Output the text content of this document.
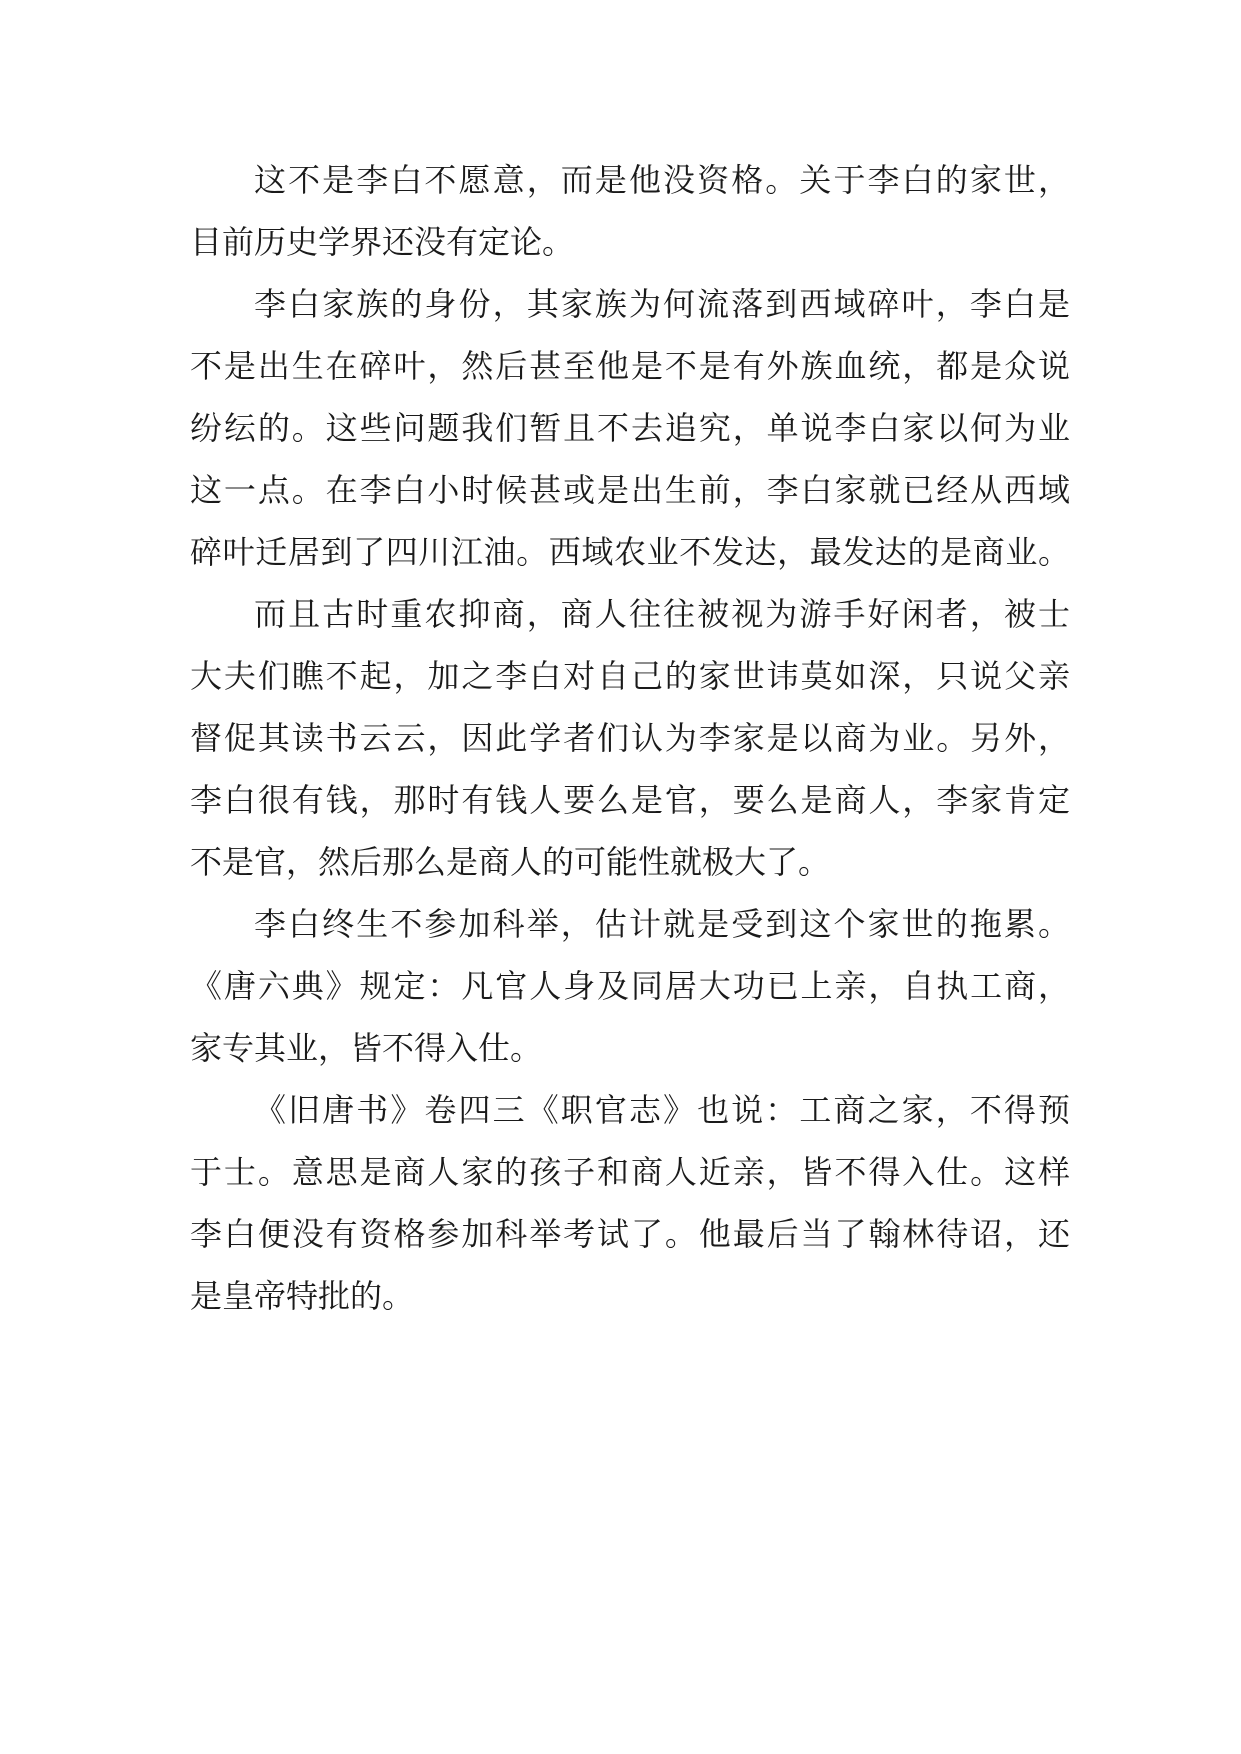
这不是李白不愿意，而是他没资格。关于李白的家世，
目前历史学界还没有定论。
李白家族的身份，其家族为何流落到西域碎叶，李白是
不是出生在碎叶，然后甚至他是不是有外族血统，都是众说
纷纭的。这些问题我们暂且不去追究，单说李白家以何为业
这一点。在李白小时候甚或是出生前，李白家就已经从西域
碎叶迁居到了四川江油。西域农业不发达，最发达的是商业。
而且古时重农抑商，商人往往被视为游手好闲者，被士
大夫们瞧不起，加之李白对自己的家世讳莫如深，只说父亲
督促其读书云云，因此学者们认为李家是以商为业。另外，
李白很有钱，那时有钱人要么是官，要么是商人，李家肯定
不是官，然后那么是商人的可能性就极大了。
李白终生不参加科举，估计就是受到这个家世的拖累。
《唐六典》规定：凡官人身及同居大功已上亲，自执工商，
家专其业，皆不得入仕。
《旧唐书》卷四三《职官志》也说：工商之家，不得预
于士。意思是商人家的孩子和商人近亲，皆不得入仕。这样
李白便没有资格参加科举考试了。他最后当了翰林待诏，还
是皇帝特批的。
